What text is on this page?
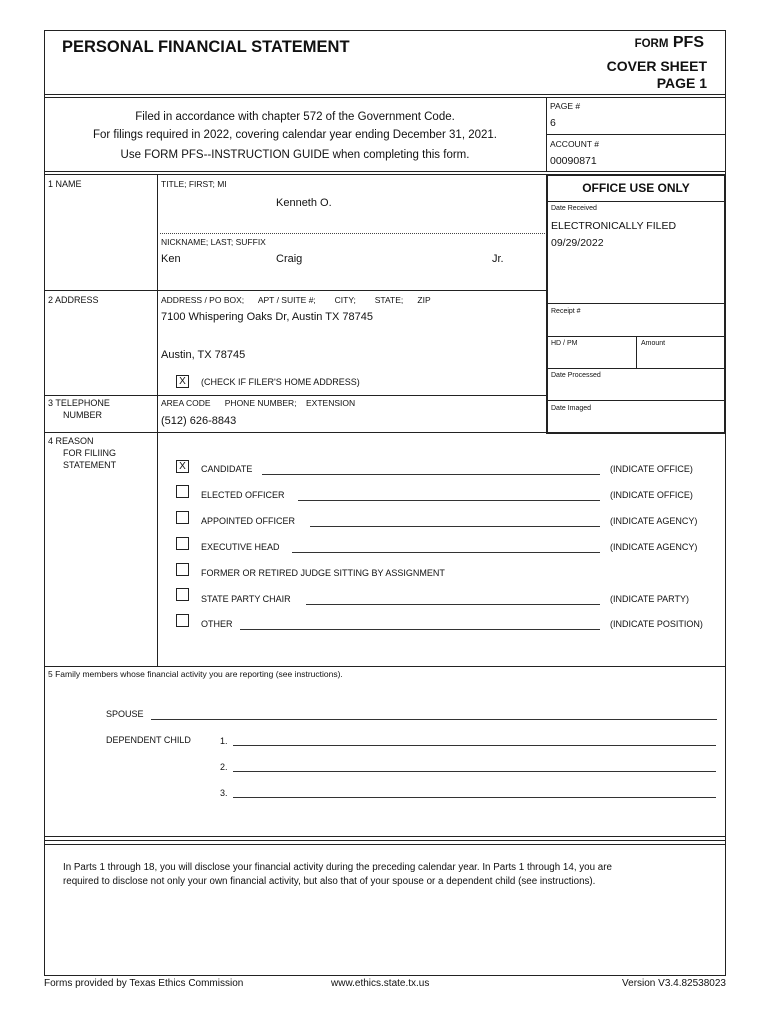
PERSONAL FINANCIAL STATEMENT	FORM PFS
COVER SHEET
PAGE 1
Filed in accordance with chapter 572 of the Government Code.
For filings required in 2022, covering calendar year ending December 31, 2021.
Use FORM PFS--INSTRUCTION GUIDE when completing this form.
PAGE #
6
ACCOUNT #
00090871
1 NAME	TITLE; FIRST; MI
Kenneth O.
NICKNAME; LAST; SUFFIX
Ken	Craig	Jr.
OFFICE USE ONLY
Date Received
ELECTRONICALLY FILED
09/29/2022
Receipt #
HD / PM	Amount
Date Processed
Date Imaged
2 ADDRESS	ADDRESS / PO BOX;      APT / SUITE #;        CITY;        STATE;      ZIP
7100 Whispering Oaks Dr, Austin TX 78745
Austin, TX 78745
X	(CHECK IF FILER'S HOME ADDRESS)
3 TELEPHONE
NUMBER
AREA CODE      PHONE NUMBER;    EXTENSION
(512) 626-8843
4 REASON
FOR FILIING
STATEMENT	X	CANDIDATE	(INDICATE OFFICE)
ELECTED OFFICER	(INDICATE OFFICE)
APPOINTED OFFICER	(INDICATE AGENCY)
EXECUTIVE HEAD	(INDICATE AGENCY)
FORMER OR RETIRED JUDGE SITTING BY ASSIGNMENT
STATE PARTY CHAIR	(INDICATE PARTY)
OTHER	(INDICATE POSITION)
5 Family members whose financial activity you are reporting (see instructions).
SPOUSE
DEPENDENT CHILD	1.
2.
3.
In Parts 1 through 18, you will disclose your financial activity during the preceding calendar year. In Parts 1 through 14, you are
required to disclose not only your own financial activity, but also that of your spouse or a dependent child (see instructions).
Forms provided by Texas Ethics Commission	www.ethics.state.tx.us	Version V3.4.82538023
